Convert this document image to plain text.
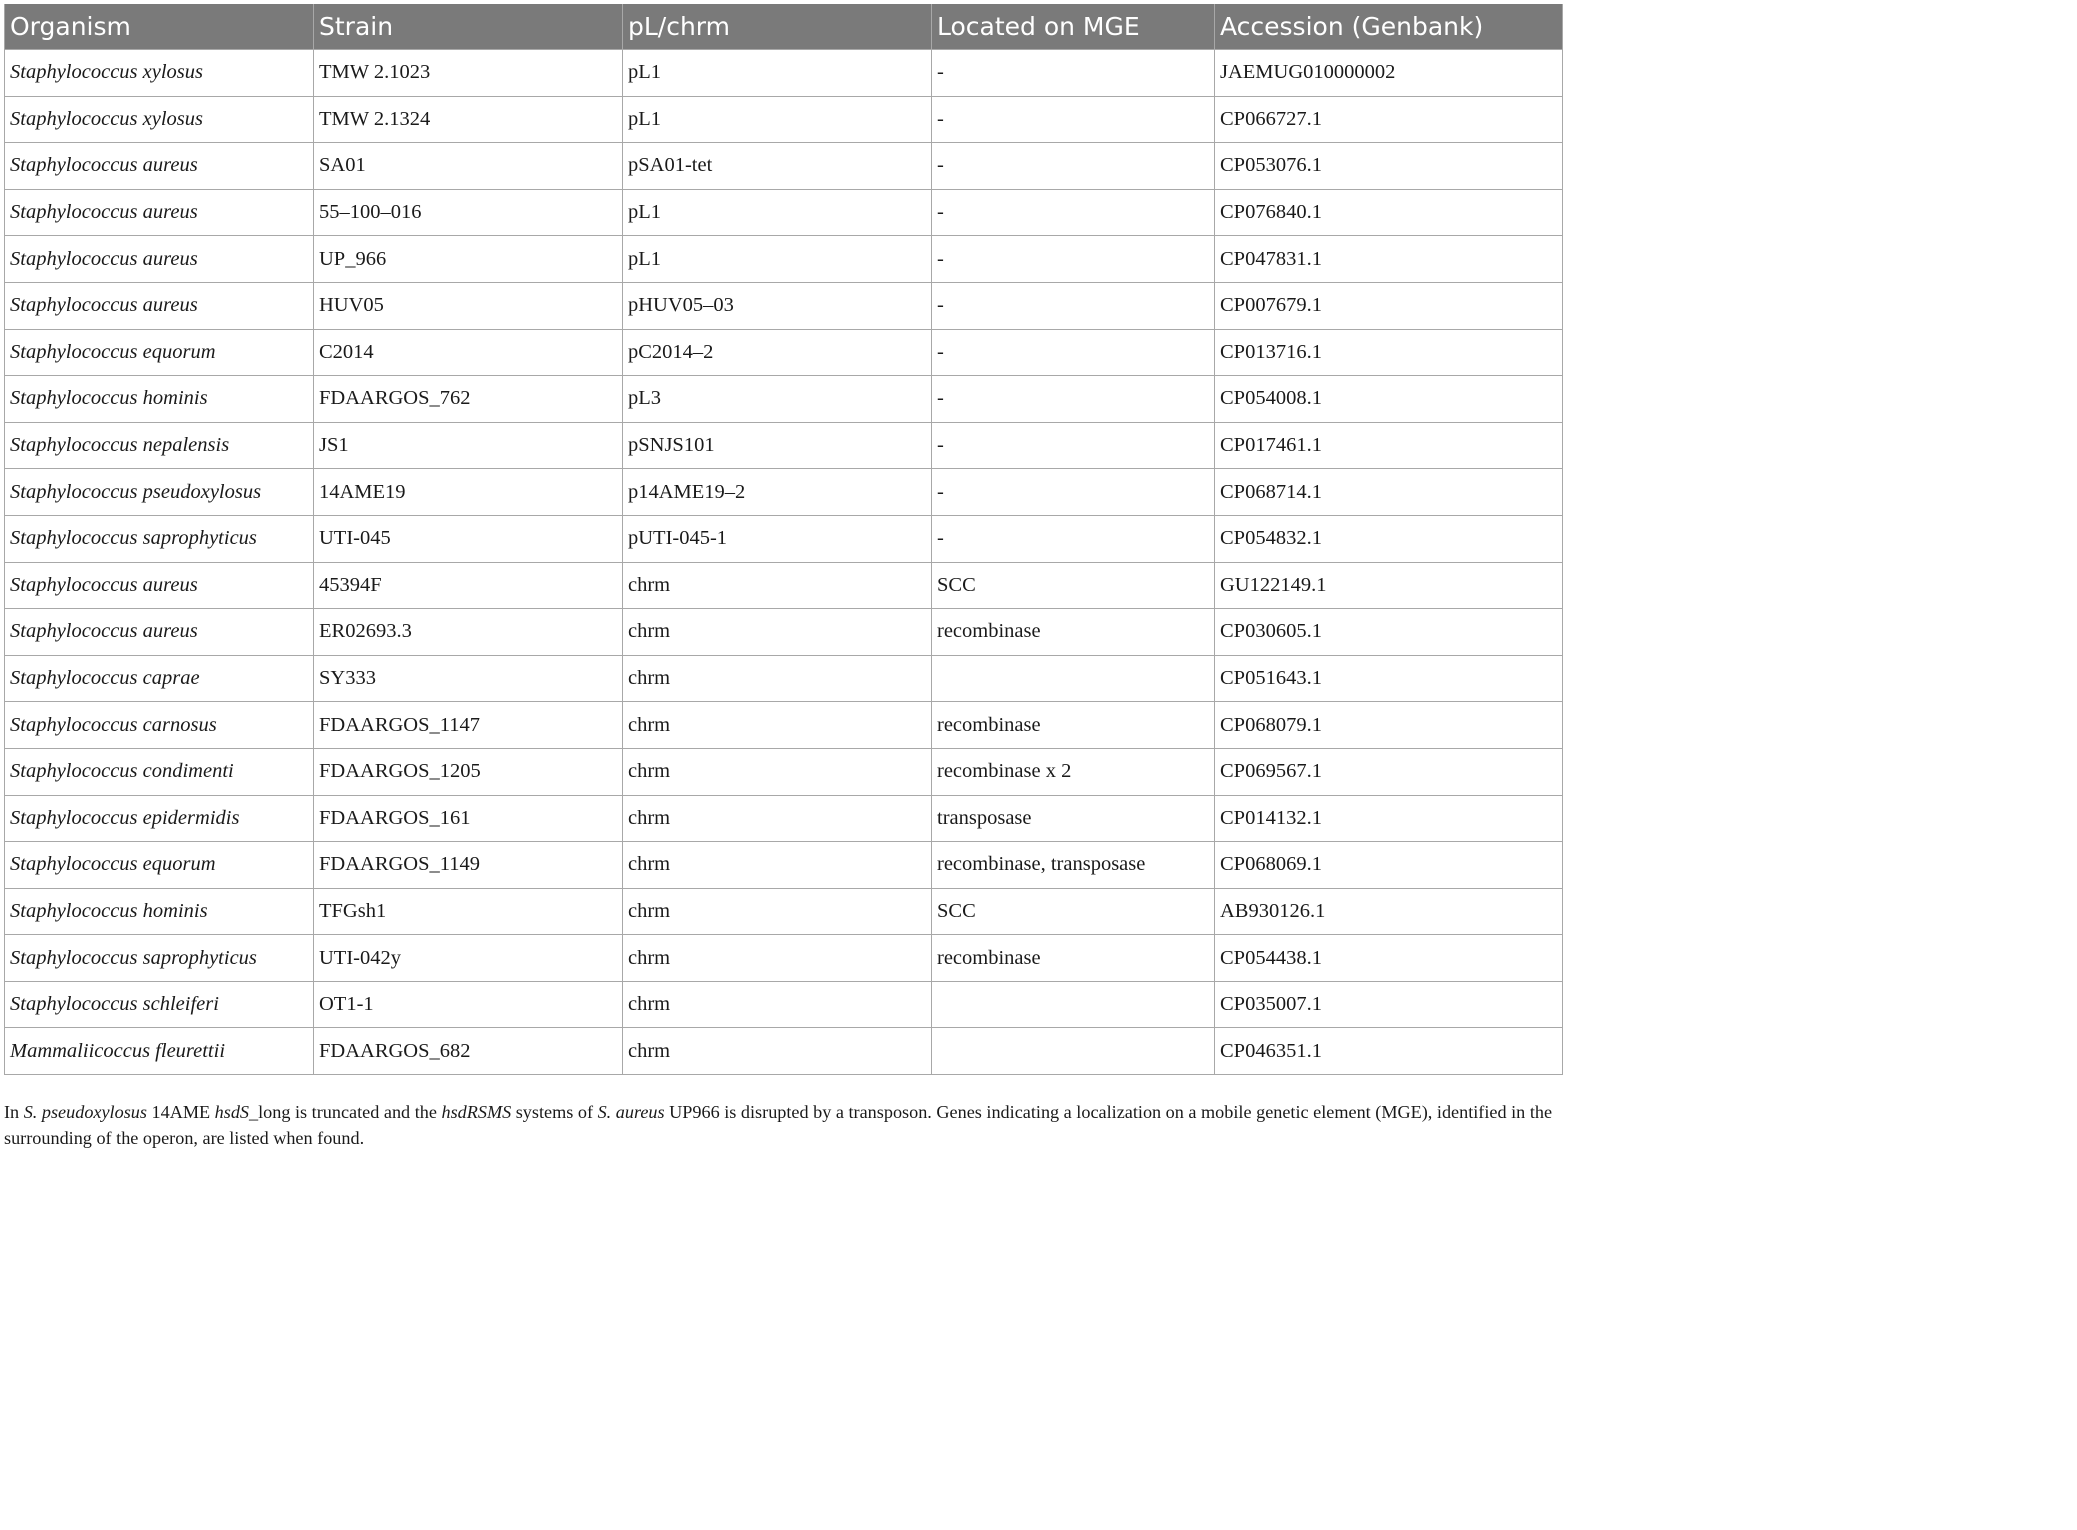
Organism	Strain	pL/chrm	Located on MGE	Accession (Genbank)
Staphylococcus xylosus	TMW 2.1023	pL1	-	JAEMUG010000002
Staphylococcus xylosus	TMW 2.1324	pL1	-	CP066727.1
Staphylococcus aureus	SA01	pSA01-tet	-	CP053076.1
Staphylococcus aureus	55–100–016	pL1	-	CP076840.1
Staphylococcus aureus	UP_966	pL1	-	CP047831.1
Staphylococcus aureus	HUV05	pHUV05–03	-	CP007679.1
Staphylococcus equorum	C2014	pC2014–2	-	CP013716.1
Staphylococcus hominis	FDAARGOS_762	pL3	-	CP054008.1
Staphylococcus nepalensis	JS1	pSNJS101	-	CP017461.1
Staphylococcus pseudoxylosus	14AME19	p14AME19–2	-	CP068714.1
Staphylococcus saprophyticus	UTI-045	pUTI-045-1	-	CP054832.1
Staphylococcus aureus	45394F	chrm	SCC	GU122149.1
Staphylococcus aureus	ER02693.3	chrm	recombinase	CP030605.1
Staphylococcus caprae	SY333	chrm		CP051643.1
Staphylococcus carnosus	FDAARGOS_1147	chrm	recombinase	CP068079.1
Staphylococcus condimenti	FDAARGOS_1205	chrm	recombinase x 2	CP069567.1
Staphylococcus epidermidis	FDAARGOS_161	chrm	transposase	CP014132.1
Staphylococcus equorum	FDAARGOS_1149	chrm	recombinase, transposase	CP068069.1
Staphylococcus hominis	TFGsh1	chrm	SCC	AB930126.1
Staphylococcus saprophyticus	UTI-042y	chrm	recombinase	CP054438.1
Staphylococcus schleiferi	OT1-1	chrm		CP035007.1
Mammaliicoccus fleurettii	FDAARGOS_682	chrm		CP046351.1
In S. pseudoxylosus 14AME hsdS_long is truncated and the hsdRSMS systems of S. aureus UP966 is disrupted by a transposon. Genes indicating a localization on a mobile genetic element (MGE), identified in the surrounding of the operon, are listed when found.
